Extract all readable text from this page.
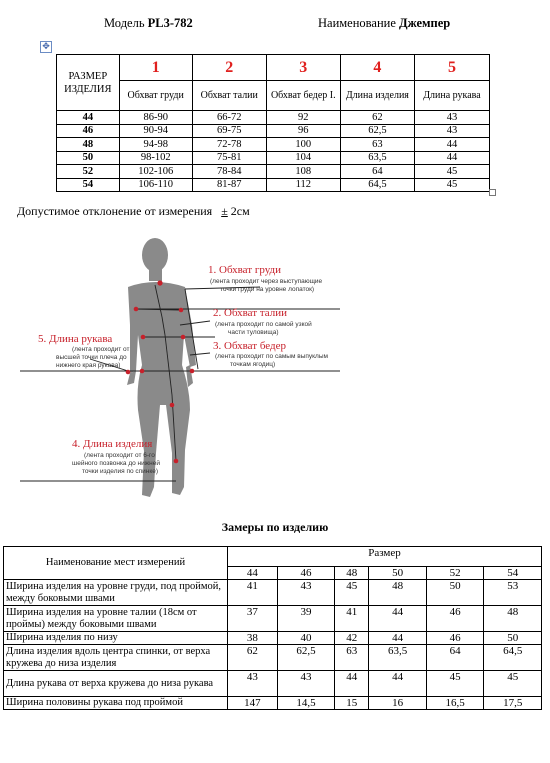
Модель PL3-782	Наименование Джемпер
✥
РАЗМЕР ИЗДЕЛИЯ	1	2	3	4	5
	Обхват груди	Обхват талии	Обхват бедер I.	Длина изделия	Длина рукава
44	86-90	66-72	92	62	43
46	90-94	69-75	96	62,5	43
48	94-98	72-78	100	63	44
50	98-102	75-81	104	63,5	44
52	102-106	78-84	108	64	45
54	106-110	81-87	112	64,5	45
Допустимое отклонение от измерения ± 2см
1. Обхват груди
(лента проходит через выступающие
точки груди на уровне лопаток)
2. Обхват талии
(лента проходит по самой узкой
части туловища)
3. Обхват бедер
(лента проходит по самым выпуклым
точкам ягодиц)
5. Длина рукава
(лента проходит от
высшей точки плеча до
нижнего края рукава)
4. Длина изделия
(лента проходит от 6-го
шейного позвонка до нижней
точки изделия по спинке)
Замеры по изделию
Наименование мест измерений	Размер					
	44	46	48	50	52	54
Ширина изделия на уровне груди, под проймой, между боковыми швами	41	43	45	48	50	53
Ширина изделия на уровне талии (18см от проймы) между боковыми швами	37	39	41	44	46	48
Ширина изделия по низу	38	40	42	44	46	50
Длина изделия вдоль центра спинки, от верха кружева до низа изделия	62	62,5	63	63,5	64	64,5
Длина рукава от верха кружева до низа рукава	43	43	44	44	45	45
Ширина половины рукава под проймой	147	14,5	15	16	16,5	17,5
